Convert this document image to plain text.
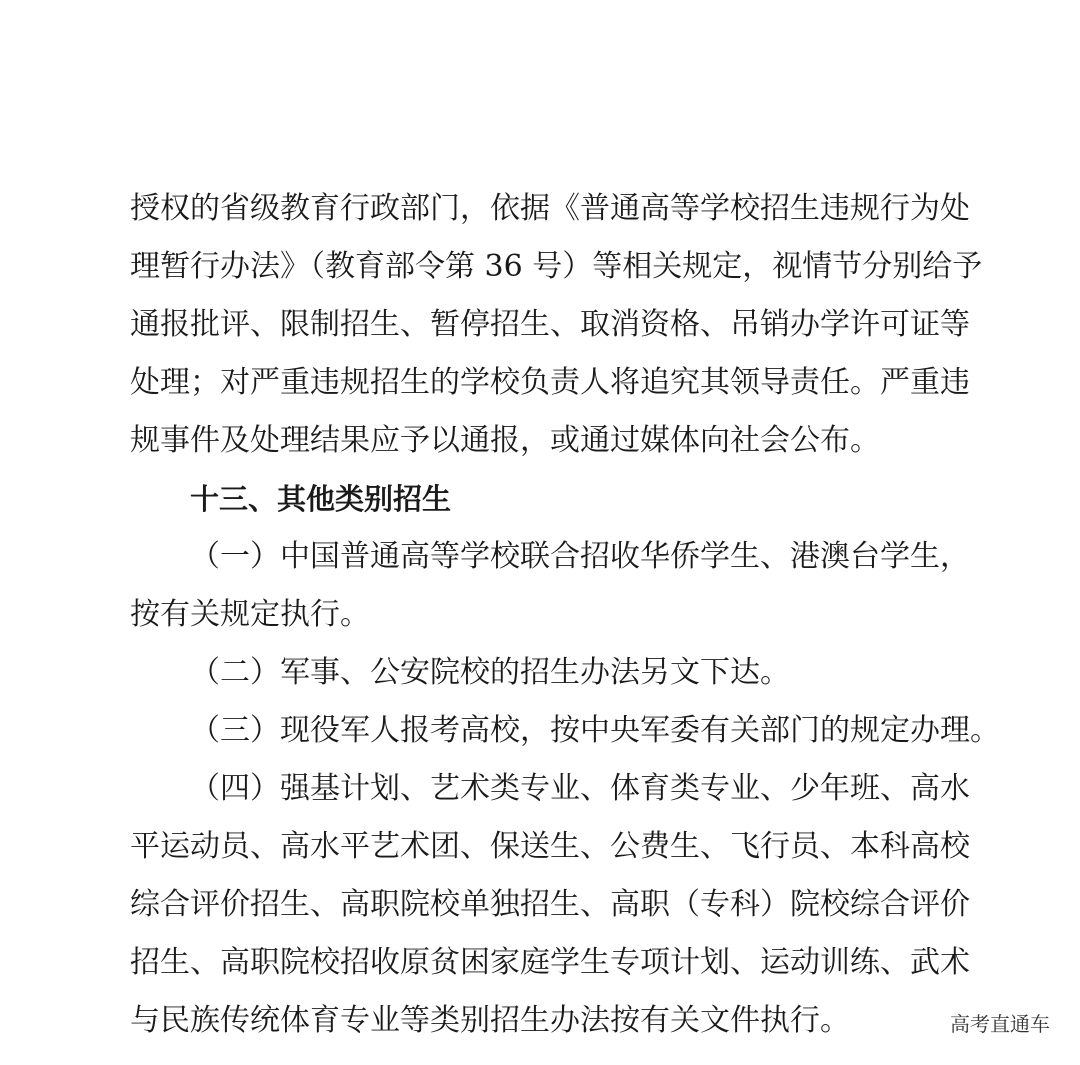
授权的省级教育行政部门，依据《普通高等学校招生违规行为处
理暂行办法》（教育部令第 36 号）等相关规定，视情节分别给予
通报批评、限制招生、暂停招生、取消资格、吊销办学许可证等
处理；对严重违规招生的学校负责人将追究其领导责任。严重违
规事件及处理结果应予以通报，或通过媒体向社会公布。
十三、其他类别招生
（一）中国普通高等学校联合招收华侨学生、港澳台学生，
按有关规定执行。
（二）军事、公安院校的招生办法另文下达。
（三）现役军人报考高校，按中央军委有关部门的规定办理。
（四）强基计划、艺术类专业、体育类专业、少年班、高水
平运动员、高水平艺术团、保送生、公费生、飞行员、本科高校
综合评价招生、高职院校单独招生、高职（专科）院校综合评价
招生、高职院校招收原贫困家庭学生专项计划、运动训练、武术
与民族传统体育专业等类别招生办法按有关文件执行。	高考直通车
